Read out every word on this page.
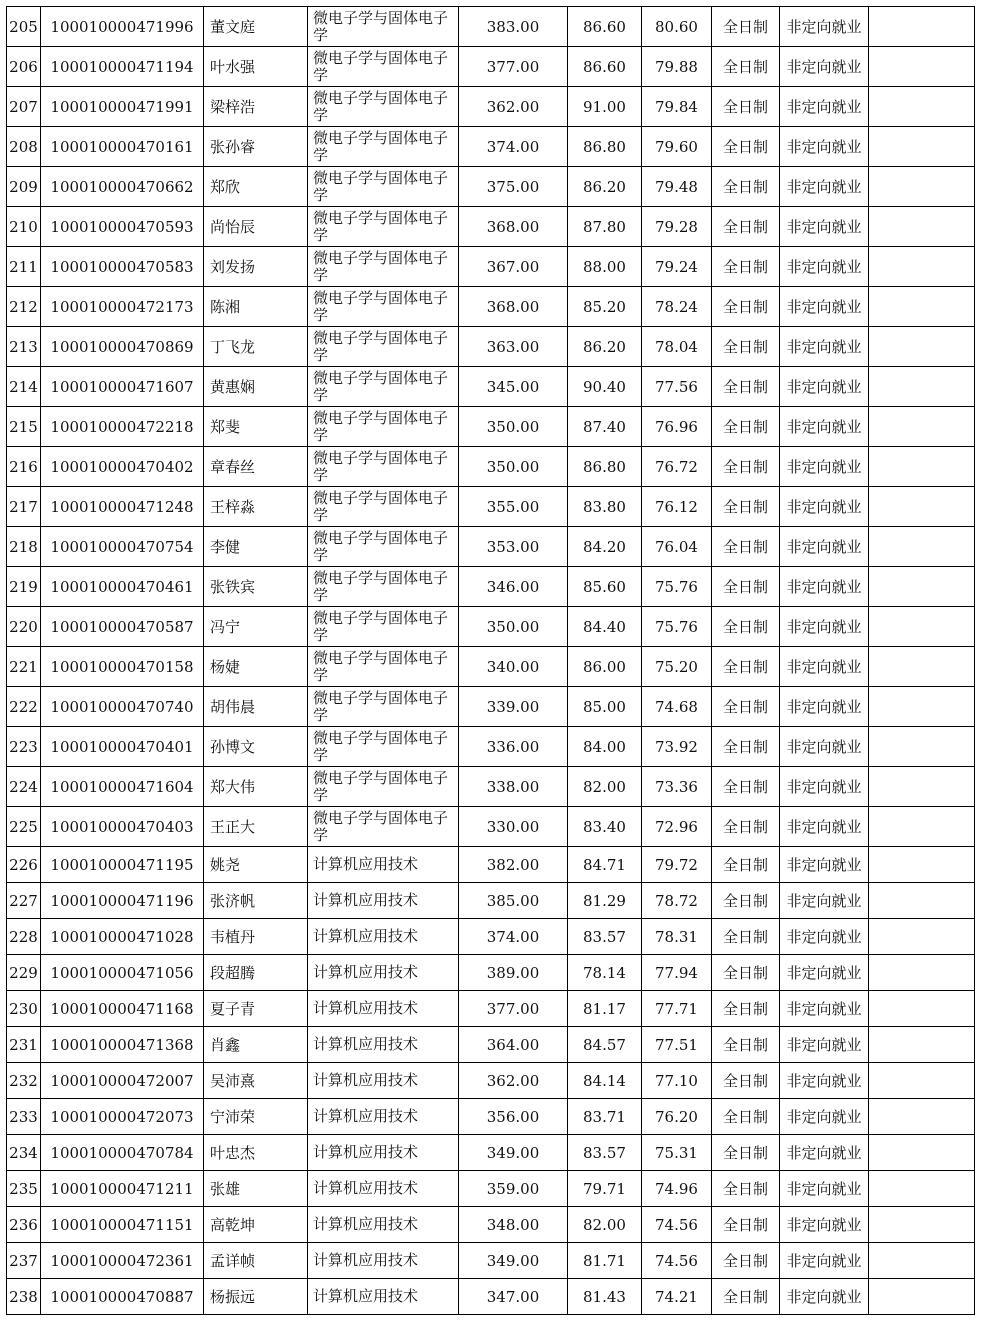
205	100010000471996	董文庭	微电子学与固体电子学	383.00	86.60	80.60	全日制	非定向就业	
206	100010000471194	叶水强	微电子学与固体电子学	377.00	86.60	79.88	全日制	非定向就业	
207	100010000471991	梁梓浩	微电子学与固体电子学	362.00	91.00	79.84	全日制	非定向就业	
208	100010000470161	张孙睿	微电子学与固体电子学	374.00	86.80	79.60	全日制	非定向就业	
209	100010000470662	郑欣	微电子学与固体电子学	375.00	86.20	79.48	全日制	非定向就业	
210	100010000470593	尚怡辰	微电子学与固体电子学	368.00	87.80	79.28	全日制	非定向就业	
211	100010000470583	刘发扬	微电子学与固体电子学	367.00	88.00	79.24	全日制	非定向就业	
212	100010000472173	陈湘	微电子学与固体电子学	368.00	85.20	78.24	全日制	非定向就业	
213	100010000470869	丁飞龙	微电子学与固体电子学	363.00	86.20	78.04	全日制	非定向就业	
214	100010000471607	黄惠娴	微电子学与固体电子学	345.00	90.40	77.56	全日制	非定向就业	
215	100010000472218	郑斐	微电子学与固体电子学	350.00	87.40	76.96	全日制	非定向就业	
216	100010000470402	章春丝	微电子学与固体电子学	350.00	86.80	76.72	全日制	非定向就业	
217	100010000471248	王梓淼	微电子学与固体电子学	355.00	83.80	76.12	全日制	非定向就业	
218	100010000470754	李健	微电子学与固体电子学	353.00	84.20	76.04	全日制	非定向就业	
219	100010000470461	张铁宾	微电子学与固体电子学	346.00	85.60	75.76	全日制	非定向就业	
220	100010000470587	冯宁	微电子学与固体电子学	350.00	84.40	75.76	全日制	非定向就业	
221	100010000470158	杨婕	微电子学与固体电子学	340.00	86.00	75.20	全日制	非定向就业	
222	100010000470740	胡伟晨	微电子学与固体电子学	339.00	85.00	74.68	全日制	非定向就业	
223	100010000470401	孙博文	微电子学与固体电子学	336.00	84.00	73.92	全日制	非定向就业	
224	100010000471604	郑大伟	微电子学与固体电子学	338.00	82.00	73.36	全日制	非定向就业	
225	100010000470403	王正大	微电子学与固体电子学	330.00	83.40	72.96	全日制	非定向就业	
226	100010000471195	姚尧	计算机应用技术	382.00	84.71	79.72	全日制	非定向就业	
227	100010000471196	张济帆	计算机应用技术	385.00	81.29	78.72	全日制	非定向就业	
228	100010000471028	韦植丹	计算机应用技术	374.00	83.57	78.31	全日制	非定向就业	
229	100010000471056	段超腾	计算机应用技术	389.00	78.14	77.94	全日制	非定向就业	
230	100010000471168	夏子青	计算机应用技术	377.00	81.17	77.71	全日制	非定向就业	
231	100010000471368	肖鑫	计算机应用技术	364.00	84.57	77.51	全日制	非定向就业	
232	100010000472007	吴沛熹	计算机应用技术	362.00	84.14	77.10	全日制	非定向就业	
233	100010000472073	宁沛荣	计算机应用技术	356.00	83.71	76.20	全日制	非定向就业	
234	100010000470784	叶忠杰	计算机应用技术	349.00	83.57	75.31	全日制	非定向就业	
235	100010000471211	张雄	计算机应用技术	359.00	79.71	74.96	全日制	非定向就业	
236	100010000471151	高乾坤	计算机应用技术	348.00	82.00	74.56	全日制	非定向就业	
237	100010000472361	孟详帧	计算机应用技术	349.00	81.71	74.56	全日制	非定向就业	
238	100010000470887	杨振远	计算机应用技术	347.00	81.43	74.21	全日制	非定向就业	
